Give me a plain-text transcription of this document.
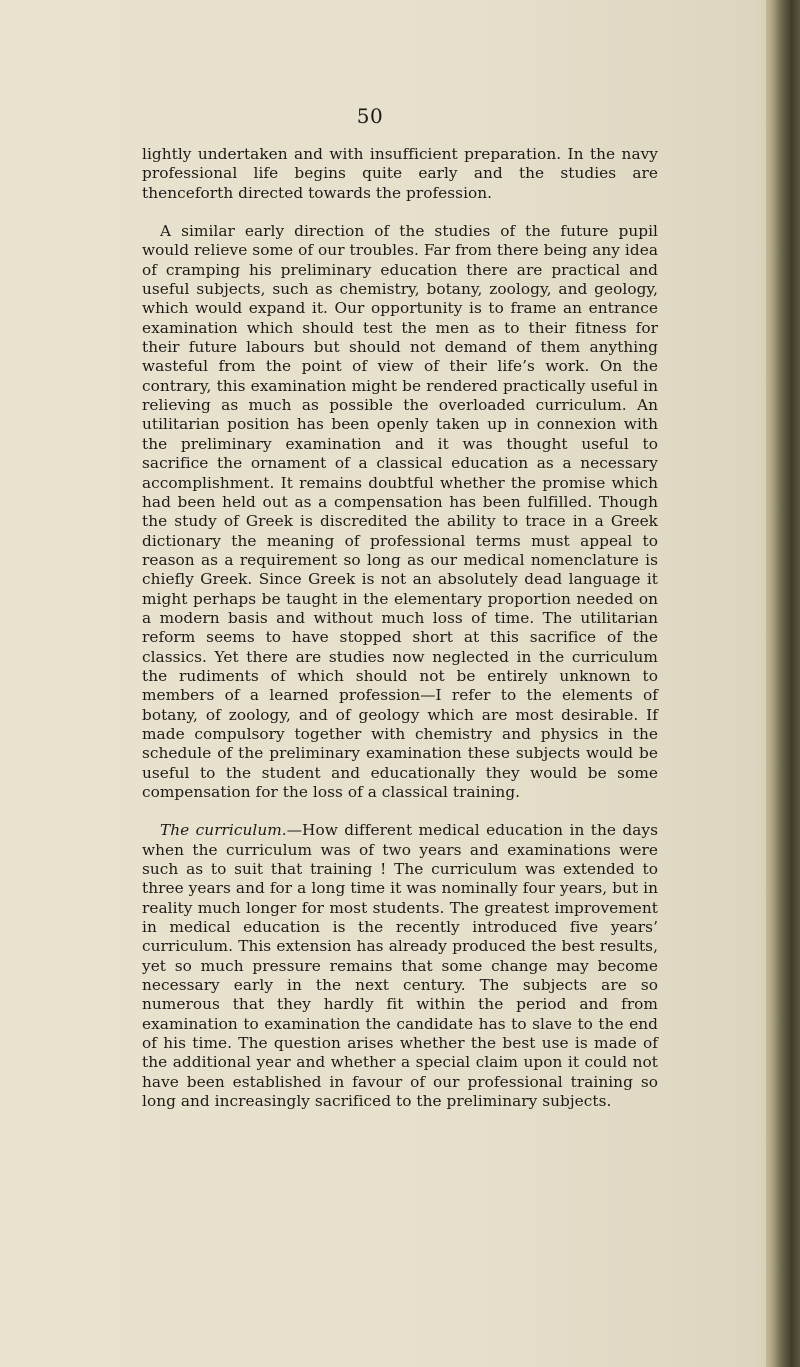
50

lightly undertaken and with insufficient preparation. In the navy professional life begins quite early and the studies are thenceforth directed towards the profession.

A similar early direction of the studies of the future pupil would relieve some of our troubles. Far from there being any idea of cramping his preliminary education there are practical and useful subjects, such as chemistry, botany, zoology, and geology, which would expand it. Our opportunity is to frame an entrance examination which should test the men as to their fitness for their future labours but should not demand of them anything wasteful from the point of view of their life’s work. On the contrary, this examination might be rendered practically useful in relieving as much as possible the overloaded curriculum. An utilitarian position has been openly taken up in connexion with the preliminary examination and it was thought useful to sacrifice the ornament of a classical education as a necessary accomplishment. It remains doubtful whether the promise which had been held out as a compensation has been fulfilled. Though the study of Greek is discredited the ability to trace in a Greek dictionary the meaning of professional terms must appeal to reason as a requirement so long as our medical nomenclature is chiefly Greek. Since Greek is not an absolutely dead language it might perhaps be taught in the elementary proportion needed on a modern basis and without much loss of time. The utilitarian reform seems to have stopped short at this sacrifice of the classics. Yet there are studies now neglected in the curriculum the rudiments of which should not be entirely unknown to members of a learned profession—I refer to the elements of botany, of zoology, and of geology which are most desirable. If made compulsory together with chemistry and physics in the schedule of the preliminary examination these subjects would be useful to the student and educationally they would be some compensation for the loss of a classical training.

The curriculum.—How different medical education in the days when the curriculum was of two years and examinations were such as to suit that training ! The curriculum was extended to three years and for a long time it was nominally four years, but in reality much longer for most students. The greatest improvement in medical education is the recently introduced five years’ curriculum. This extension has already produced the best results, yet so much pressure remains that some change may become necessary early in the next century. The subjects are so numerous that they hardly fit within the period and from examination to examination the candidate has to slave to the end of his time. The question arises whether the best use is made of the additional year and whether a special claim upon it could not have been established in favour of our professional training so long and increasingly sacrificed to the preliminary subjects.
